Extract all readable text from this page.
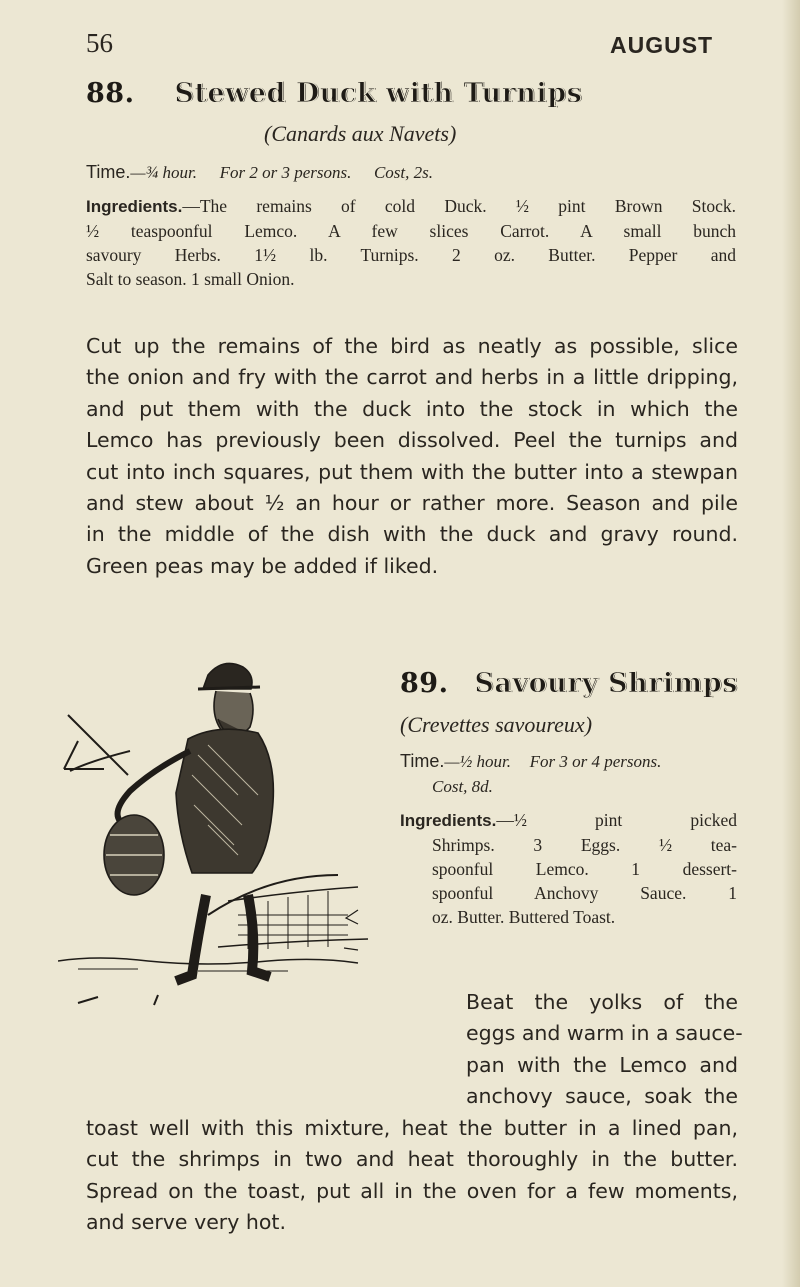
56	AUGUST
88. Stewed Duck with Turnips
(Canards aux Navets)
Time.—¾ hour. For 2 or 3 persons. Cost, 2s.
Ingredients.—The remains of cold Duck. ½ pint Brown Stock.
½ teaspoonful Lemco. A few slices Carrot. A small bunch
savoury Herbs. 1½ lb. Turnips. 2 oz. Butter. Pepper and
Salt to season. 1 small Onion.
Cut up the remains of the bird as neatly as possible, slice
the onion and fry with the carrot and herbs in a little dripping,
and put them with the duck into the stock in which the
Lemco has previously been dissolved. Peel the turnips and
cut into inch squares, put them with the butter into a stewpan
and stew about ½ an hour or rather more. Season and pile
in the middle of the dish with the duck and gravy round.
Green peas may be added if liked.
89. Savoury Shrimps
(Crevettes savoureux)
Time.—½ hour. For 3 or 4 persons.
Cost, 8d.
Ingredients.—½ pint picked
Shrimps. 3 Eggs. ½ tea-
spoonful Lemco. 1 dessert-
spoonful Anchovy Sauce. 1
oz. Butter. Buttered Toast.
Beat the yolks of the
eggs and warm in a sauce-
pan with the Lemco and
anchovy sauce, soak the
toast well with this mixture, heat the butter in a lined pan,
cut the shrimps in two and heat thoroughly in the butter.
Spread on the toast, put all in the oven for a few moments,
and serve very hot.
